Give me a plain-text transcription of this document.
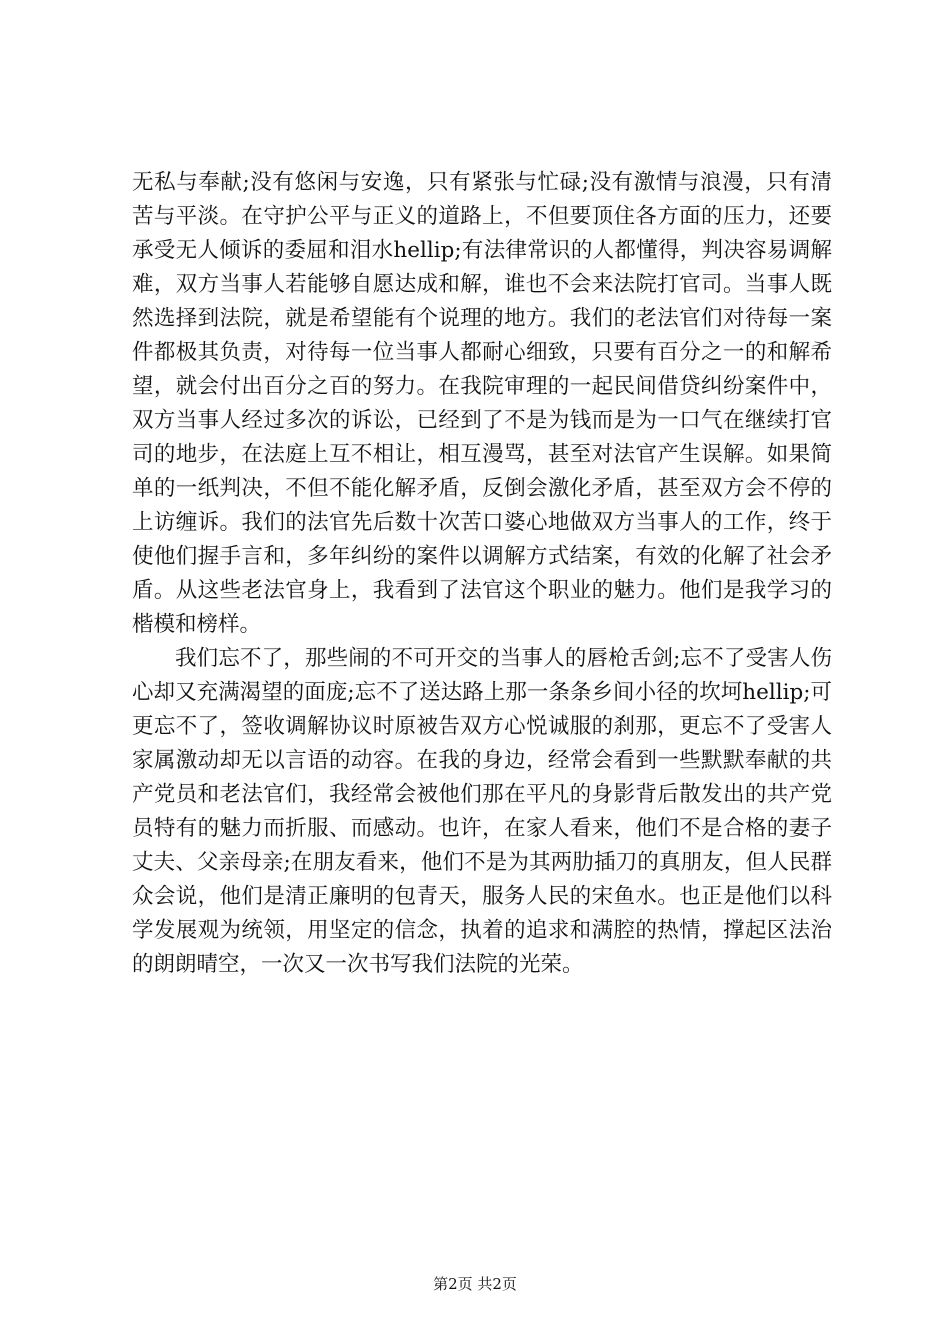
无私与奉献;没有悠闲与安逸，只有紧张与忙碌;没有激情与浪漫，只有清苦与平淡。在守护公平与正义的道路上，不但要顶住各方面的压力，还要承受无人倾诉的委屈和泪水hellip;有法律常识的人都懂得，判决容易调解难，双方当事人若能够自愿达成和解，谁也不会来法院打官司。当事人既然选择到法院，就是希望能有个说理的地方。我们的老法官们对待每一案件都极其负责，对待每一位当事人都耐心细致，只要有百分之一的和解希望，就会付出百分之百的努力。在我院审理的一起民间借贷纠纷案件中，双方当事人经过多次的诉讼，已经到了不是为钱而是为一口气在继续打官司的地步，在法庭上互不相让，相互漫骂，甚至对法官产生误解。如果简单的一纸判决，不但不能化解矛盾，反倒会激化矛盾，甚至双方会不停的上访缠诉。我们的法官先后数十次苦口婆心地做双方当事人的工作，终于使他们握手言和，多年纠纷的案件以调解方式结案，有效的化解了社会矛盾。从这些老法官身上，我看到了法官这个职业的魅力。他们是我学习的楷模和榜样。

我们忘不了，那些闹的不可开交的当事人的唇枪舌剑;忘不了受害人伤心却又充满渴望的面庞;忘不了送达路上那一条条乡间小径的坎坷hellip;可更忘不了，签收调解协议时原被告双方心悦诚服的刹那，更忘不了受害人家属激动却无以言语的动容。在我的身边，经常会看到一些默默奉献的共产党员和老法官们，我经常会被他们那在平凡的身影背后散发出的共产党员特有的魅力而折服、而感动。也许，在家人看来，他们不是合格的妻子丈夫、父亲母亲;在朋友看来，他们不是为其两肋插刀的真朋友，但人民群众会说，他们是清正廉明的包青天，服务人民的宋鱼水。也正是他们以科学发展观为统领，用坚定的信念，执着的追求和满腔的热情，撑起区法治的朗朗晴空，一次又一次书写我们法院的光荣。

第2页 共2页
